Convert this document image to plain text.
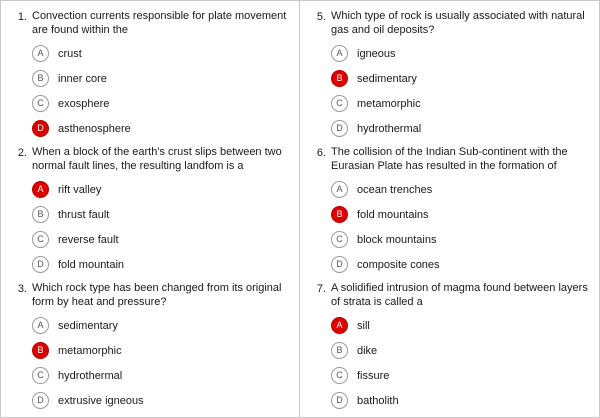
1. Convection currents responsible for plate movement are found within the
A	crust
B	inner core
C	exosphere
D	asthenosphere
2. When a block of the earth's crust slips between two normal fault lines, the resulting landfom is a
A	rift valley
B	thrust fault
C	reverse fault
D	fold mountain
3. Which rock type has been changed from its original form by heat and pressure?
A	sedimentary
B	metamorphic
C	hydrothermal
D	extrusive igneous
5. Which type of rock is usually associated with natural gas and oil deposits?
A	igneous
B	sedimentary
C	metamorphic
D	hydrothermal
6. The collision of the Indian Sub-continent with the Eurasian Plate has resulted in the formation of
A	ocean trenches
B	fold mountains
C	block mountains
D	composite cones
7. A solidified intrusion of magma found between layers of strata is called a
A	sill
B	dike
C	fissure
D	batholith
